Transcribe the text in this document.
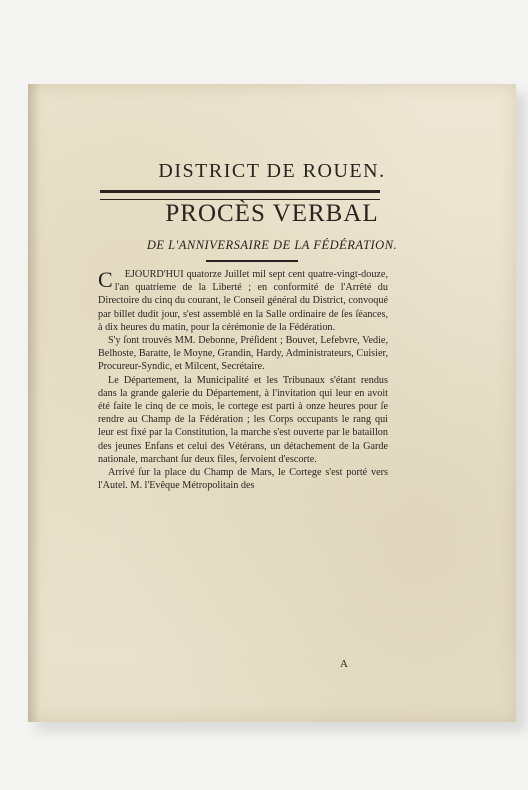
DISTRICT DE ROUEN.
PROCÈS VERBAL
DE L'ANNIVERSAIRE DE LA FÉDÉRATION.

C EJOURD'HUI quatorze Juillet mil sept cent quatre-vingt-douze, l'an quatrieme de la Liberté ; en conformité de l'Arrêté du Directoire du cinq du courant, le Conseil général du District, convoqué par billet dudit jour, s'est assemblé en la Salle ordinaire de ſes ſéances, à dix heures du matin, pour la cérémonie de la Fédération.

S'y ſont trouvés MM. Debonne, Préſident ; Bouvet, Lefebvre, Vedie, Belhoste, Baratte, le Moyne, Grandin, Hardy, Administrateurs, Cuisier, Procureur-Syndic, et Milcent, Secrétaire.

Le Département, la Municipalité et les Tribunaux s'étant rendus dans la grande galerie du Département, à l'invitation qui leur en avoit été faite le cinq de ce mois, le cortege est parti à onze heures pour ſe rendre au Champ de la Fédération ; les Corps occupants le rang qui leur est fixé par la Constitution, la marche s'est ouverte par le bataillon des jeunes Enfans et celui des Vétérans, un détachement de la Garde nationale, marchant ſur deux files, ſervoient d'escorte.

Arrivé ſur la place du Champ de Mars, le Cortege s'est porté vers l'Autel. M. l'Evêque Métropolitain des

A
